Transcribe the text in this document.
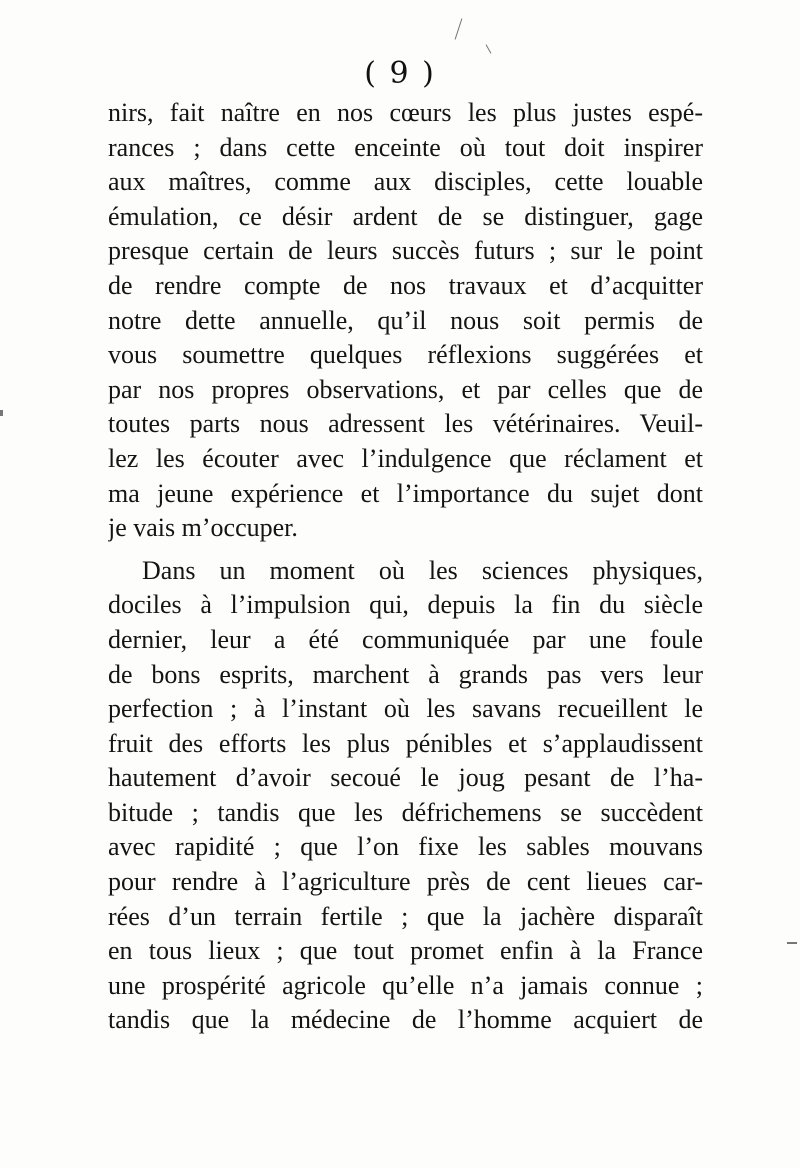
( 9 )
nirs, fait naître en nos cœurs les plus justes espé-
rances ; dans cette enceinte où tout doit inspirer
aux maîtres, comme aux disciples, cette louable
émulation, ce désir ardent de se distinguer, gage
presque certain de leurs succès futurs ; sur le point
de rendre compte de nos travaux et d’acquitter
notre dette annuelle, qu’il nous soit permis de
vous soumettre quelques réflexions suggérées et
par nos propres observations, et par celles que de
toutes parts nous adressent les vétérinaires. Veuil-
lez les écouter avec l’indulgence que réclament et
ma jeune expérience et l’importance du sujet dont
je vais m’occuper.
Dans un moment où les sciences physiques,
dociles à l’impulsion qui, depuis la fin du siècle
dernier, leur a été communiquée par une foule
de bons esprits, marchent à grands pas vers leur
perfection ; à l’instant où les savans recueillent le
fruit des efforts les plus pénibles et s’applaudissent
hautement d’avoir secoué le joug pesant de l’ha-
bitude ; tandis que les défrichemens se succèdent
avec rapidité ; que l’on fixe les sables mouvans
pour rendre à l’agriculture près de cent lieues car-
rées d’un terrain fertile ; que la jachère disparaît
en tous lieux ; que tout promet enfin à la France
une prospérité agricole qu’elle n’a jamais connue ;
tandis que la médecine de l’homme acquiert de
